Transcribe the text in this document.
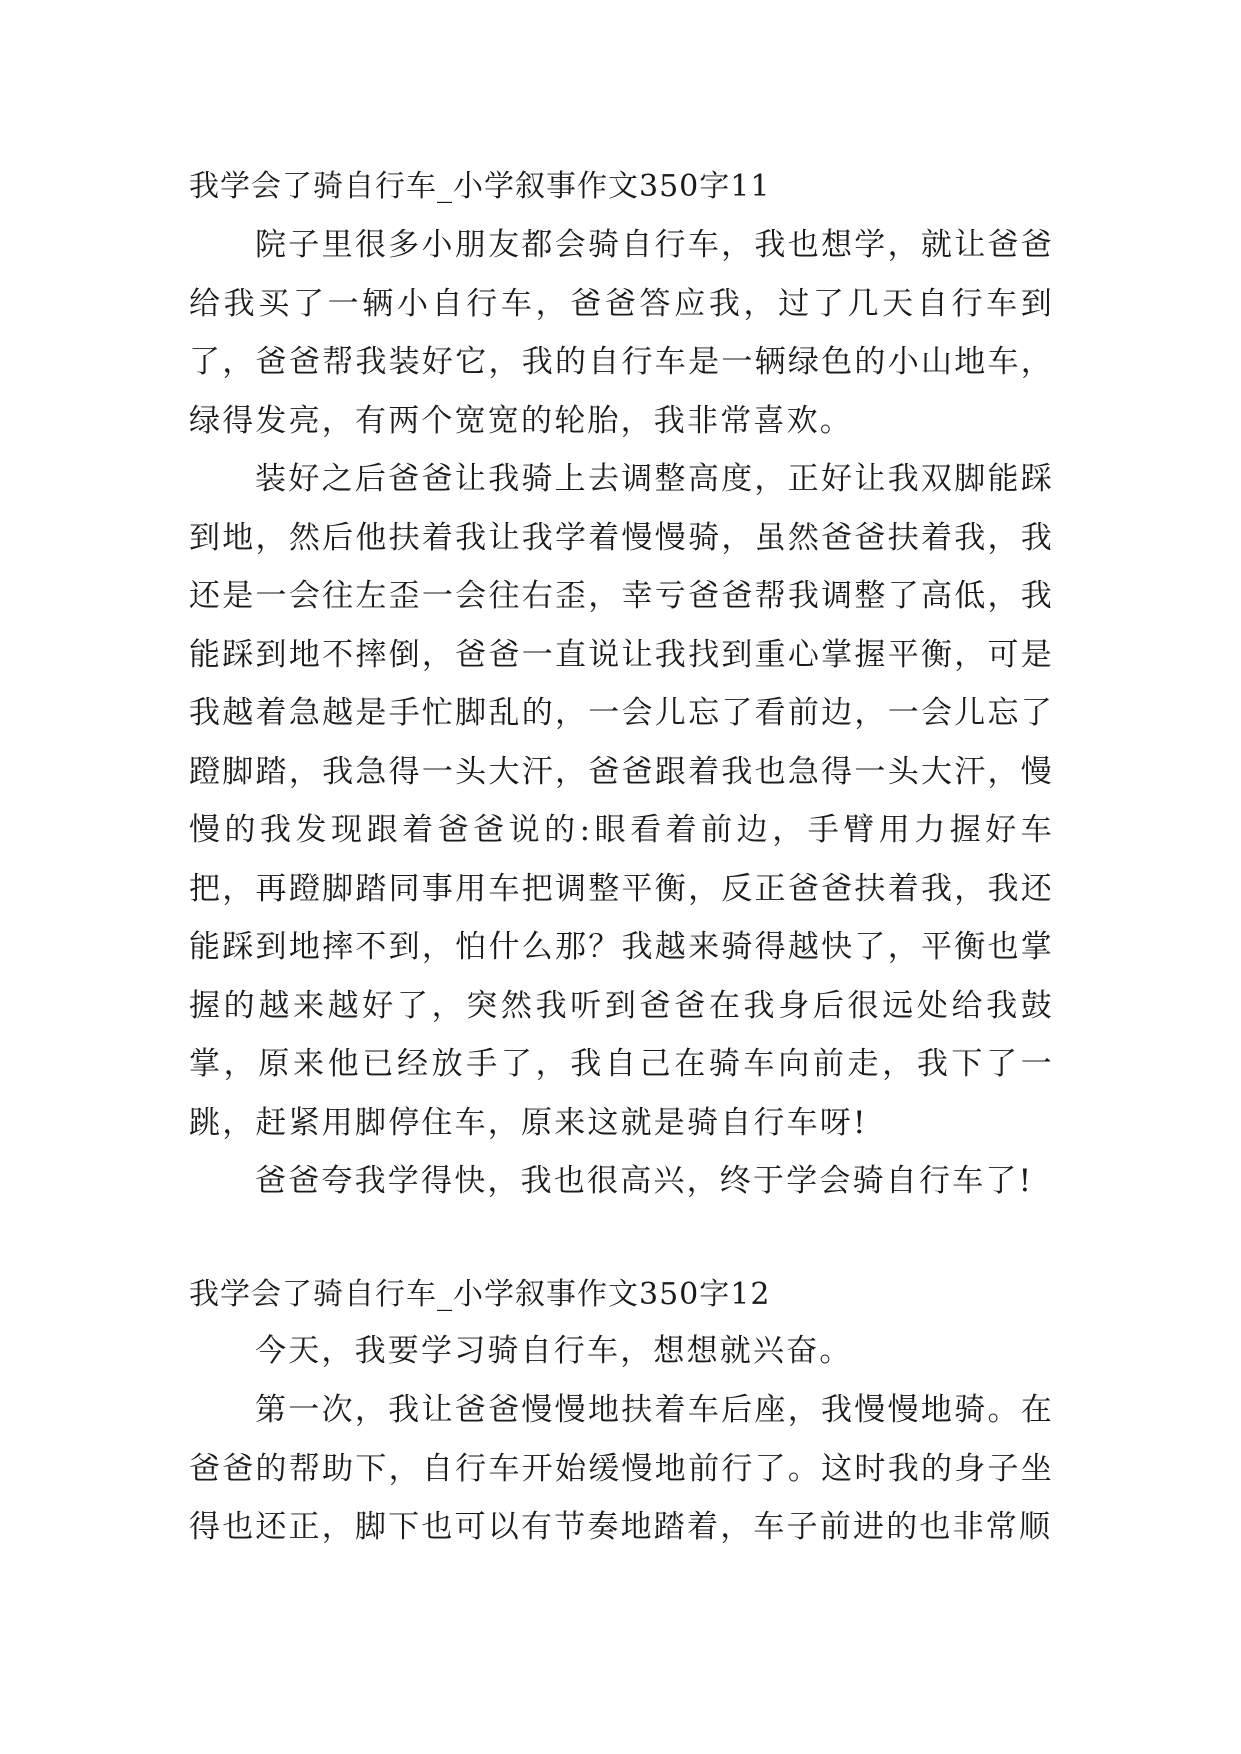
我学会了骑自行车_小学叙事作文350字11

院子里很多小朋友都会骑自行车，我也想学，就让爸爸给我买了一辆小自行车，爸爸答应我，过了几天自行车到了，爸爸帮我装好它，我的自行车是一辆绿色的小山地车，绿得发亮，有两个宽宽的轮胎，我非常喜欢。

装好之后爸爸让我骑上去调整高度，正好让我双脚能踩到地，然后他扶着我让我学着慢慢骑，虽然爸爸扶着我，我还是一会往左歪一会往右歪，幸亏爸爸帮我调整了高低，我能踩到地不摔倒，爸爸一直说让我找到重心掌握平衡，可是我越着急越是手忙脚乱的，一会儿忘了看前边，一会儿忘了蹬脚踏，我急得一头大汗，爸爸跟着我也急得一头大汗，慢慢的我发现跟着爸爸说的:眼看着前边，手臂用力握好车把，再蹬脚踏同事用车把调整平衡，反正爸爸扶着我，我还能踩到地摔不到，怕什么那？我越来骑得越快了，平衡也掌握的越来越好了，突然我听到爸爸在我身后很远处给我鼓掌，原来他已经放手了，我自己在骑车向前走，我下了一跳，赶紧用脚停住车，原来这就是骑自行车呀!

爸爸夸我学得快，我也很高兴，终于学会骑自行车了!

我学会了骑自行车_小学叙事作文350字12

今天，我要学习骑自行车，想想就兴奋。

第一次，我让爸爸慢慢地扶着车后座，我慢慢地骑。在爸爸的帮助下，自行车开始缓慢地前行了。这时我的身子坐得也还正，脚下也可以有节奏地踏着，车子前进的也非常顺
